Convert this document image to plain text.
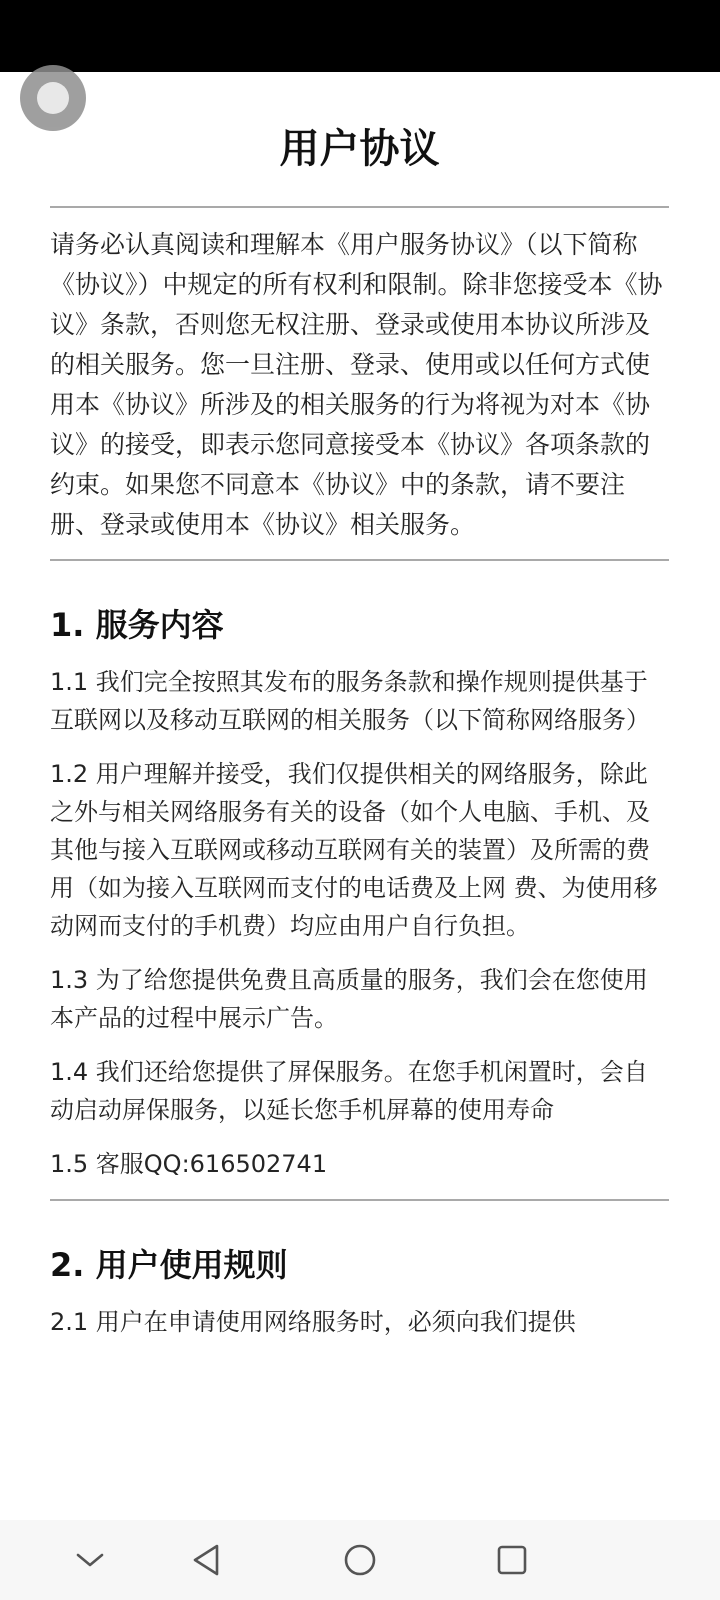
用户协议

请务必认真阅读和理解本《用户服务协议》（以下简称《协议》）中规定的所有权利和限制。除非您接受本《协议》条款，否则您无权注册、登录或使用本协议所涉及的相关服务。您一旦注册、登录、使用或以任何方式使用本《协议》所涉及的相关服务的行为将视为对本《协议》的接受，即表示您同意接受本《协议》各项条款的约束。如果您不同意本《协议》中的条款，请不要注册、登录或使用本《协议》相关服务。

1. 服务内容

1.1 我们完全按照其发布的服务条款和操作规则提供基于互联网以及移动互联网的相关服务（以下简称网络服务）

1.2 用户理解并接受，我们仅提供相关的网络服务，除此之外与相关网络服务有关的设备（如个人电脑、手机、及其他与接入互联网或移动互联网有关的装置）及所需的费用（如为接入互联网而支付的电话费及上网 费、为使用移动网而支付的手机费）均应由用户自行负担。

1.3 为了给您提供免费且高质量的服务，我们会在您使用本产品的过程中展示广告。

1.4 我们还给您提供了屏保服务。在您手机闲置时，会自动启动屏保服务，以延长您手机屏幕的使用寿命

1.5 客服QQ:616502741

2. 用户使用规则

2.1 用户在申请使用网络服务时，必须向我们提供
